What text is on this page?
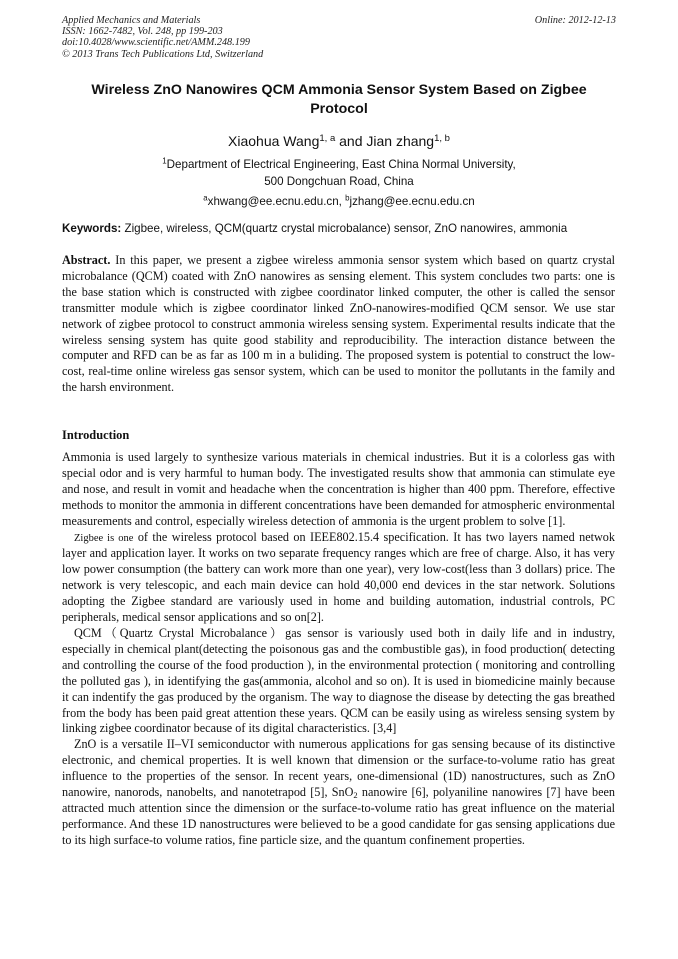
Applied Mechanics and Materials
ISSN: 1662-7482, Vol. 248, pp 199-203
doi:10.4028/www.scientific.net/AMM.248.199
© 2013 Trans Tech Publications Ltd, Switzerland
Online: 2012-12-13
Wireless ZnO Nanowires QCM Ammonia Sensor System Based on Zigbee Protocol
Xiaohua Wang$^{1, a}$ and Jian zhang$^{1, b}$
$^1$Department of Electrical Engineering, East China Normal University,
500 Dongchuan Road, China
$^a$xhwang@ee.ecnu.edu.cn, $^b$jzhang@ee.ecnu.edu.cn
Keywords: Zigbee, wireless, QCM(quartz crystal microbalance) sensor, ZnO nanowires, ammonia

Abstract. In this paper, we present a zigbee wireless ammonia sensor system which based on quartz crystal microbalance (QCM) coated with ZnO nanowires as sensing element. This system concludes two parts: one is the base station which is constructed with zigbee coordinator linked computer, the other is called the sensor transmitter module which is zigbee coordinator linked ZnO-nanowires-modified QCM sensor. We use star network of zigbee protocol to construct ammonia wireless sensing system. Experimental results indicate that the wireless sensing system has quite good stability and reproducibility. The interaction distance between the computer and RFD can be as far as 100 m in a buliding. The proposed system is potential to construct the low-cost, real-time online wireless gas sensor system, which can be used to monitor the pollutants in the family and the harsh environment.

Introduction

Ammonia is used largely to synthesize various materials in chemical industries. But it is a colorless gas with special odor and is very harmful to human body. The investigated results show that ammonia can stimulate eye and nose, and result in vomit and headache when the concentration is higher than 400 ppm. Therefore, effective methods to monitor the ammonia in different concentrations have been demanded for atmospheric environmental measurements and control, especially wireless detection of ammonia is the urgent problem to solve [1].

Zigbee is one of the wireless protocol based on IEEE802.15.4 specification. It has two layers named netwok layer and application layer. It works on two separate frequency ranges which are free of charge. Also, it has very low power consumption (the battery can work more than one year), very low-cost(less than 3 dollars) price. The network is very telescopic, and each main device can hold 40,000 end devices in the star network. Solutions adopting the Zigbee standard are variously used in home and building automation, industrial controls, PC peripherals, medical sensor applications and so on[2].

QCM（Quartz Crystal Microbalance）gas sensor is variously used both in daily life and in industry, especially in chemical plant(detecting the poisonous gas and the combustible gas), in food production( detecting and controlling the course of the food production ), in the environmental protection ( monitoring and controlling the polluted gas ), in identifying the gas(ammonia, alcohol and so on). It is used in biomedicine mainly because it can indentify the gas produced by the organism. The way to diagnose the disease by detecting the gas breathed from the body has been paid great attention these years. QCM can be easily using as wireless sensing system by linking zigbee coordinator because of its digital characteristics. [3,4]

ZnO is a versatile II–VI semiconductor with numerous applications for gas sensing because of its distinctive electronic, and chemical properties. It is well known that dimension or the surface-to-volume ratio has great influence to the properties of the sensor. In recent years, one-dimensional (1D) nanostructures, such as ZnO nanowire, nanorods, nanobelts, and nanotetrapod [5], SnO$_2$ nanowire [6], polyaniline nanowires [7] have been attracted much attention since the dimension or the surface-to-volume ratio has great influence on the material performance. And these 1D nanostructures were believed to be a good candidate for gas sensing applications due to its high surface-to volume ratios, fine particle size, and the quantum confinement properties.
